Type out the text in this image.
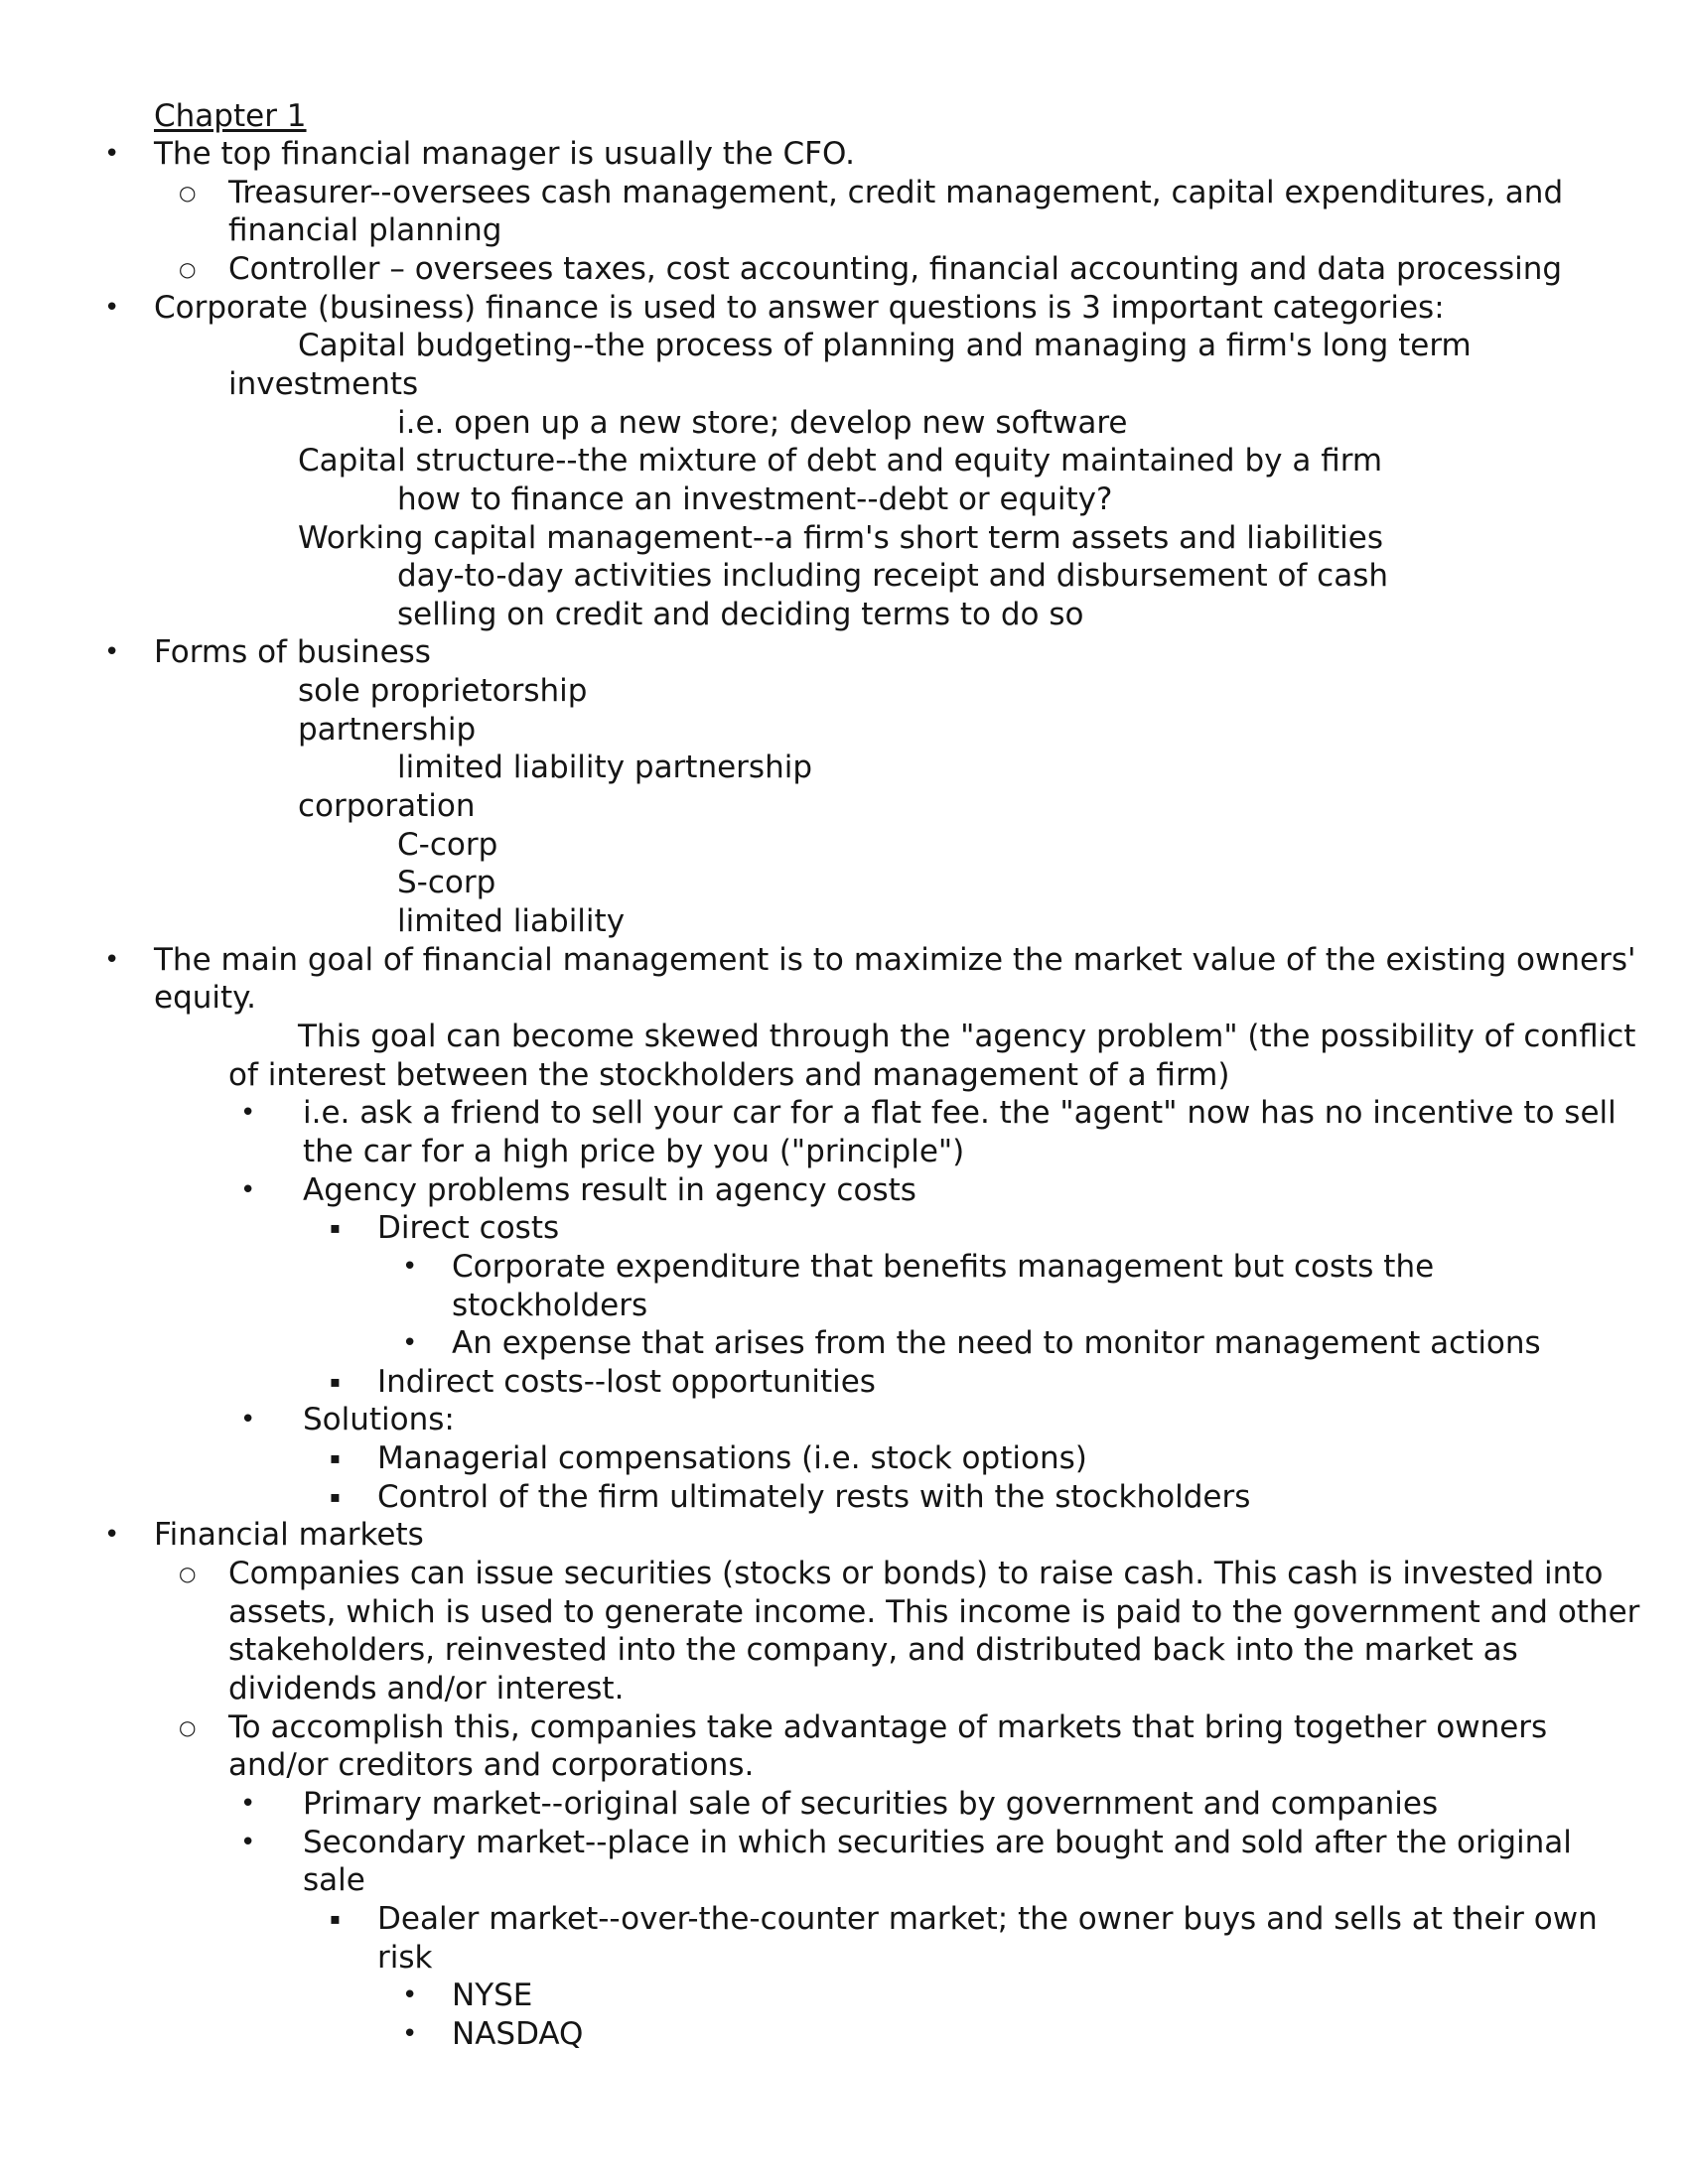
Chapter 1
• The top financial manager is usually the CFO.
○ Treasurer--oversees cash management, credit management, capital expenditures, and
financial planning
○ Controller – oversees taxes, cost accounting, financial accounting and data processing
• Corporate (business) finance is used to answer questions is 3 important categories:
Capital budgeting--the process of planning and managing a firm's long term
investments
i.e. open up a new store; develop new software
Capital structure--the mixture of debt and equity maintained by a firm
how to finance an investment--debt or equity?
Working capital management--a firm's short term assets and liabilities
day-to-day activities including receipt and disbursement of cash
selling on credit and deciding terms to do so
• Forms of business
sole proprietorship
partnership
limited liability partnership
corporation
C-corp
S-corp
limited liability
• The main goal of financial management is to maximize the market value of the existing owners'
equity.
This goal can become skewed through the "agency problem" (the possibility of conflict
of interest between the stockholders and management of a firm)
• i.e. ask a friend to sell your car for a flat fee. the "agent" now has no incentive to sell
the car for a high price by you ("principle")
• Agency problems result in agency costs
▪ Direct costs
• Corporate expenditure that benefits management but costs the
stockholders
• An expense that arises from the need to monitor management actions
▪ Indirect costs--lost opportunities
• Solutions:
▪ Managerial compensations (i.e. stock options)
▪ Control of the firm ultimately rests with the stockholders
• Financial markets
○ Companies can issue securities (stocks or bonds) to raise cash. This cash is invested into
assets, which is used to generate income. This income is paid to the government and other
stakeholders, reinvested into the company, and distributed back into the market as
dividends and/or interest.
○ To accomplish this, companies take advantage of markets that bring together owners
and/or creditors and corporations.
• Primary market--original sale of securities by government and companies
• Secondary market--place in which securities are bought and sold after the original
sale
▪ Dealer market--over-the-counter market; the owner buys and sells at their own
risk
• NYSE
• NASDAQ
